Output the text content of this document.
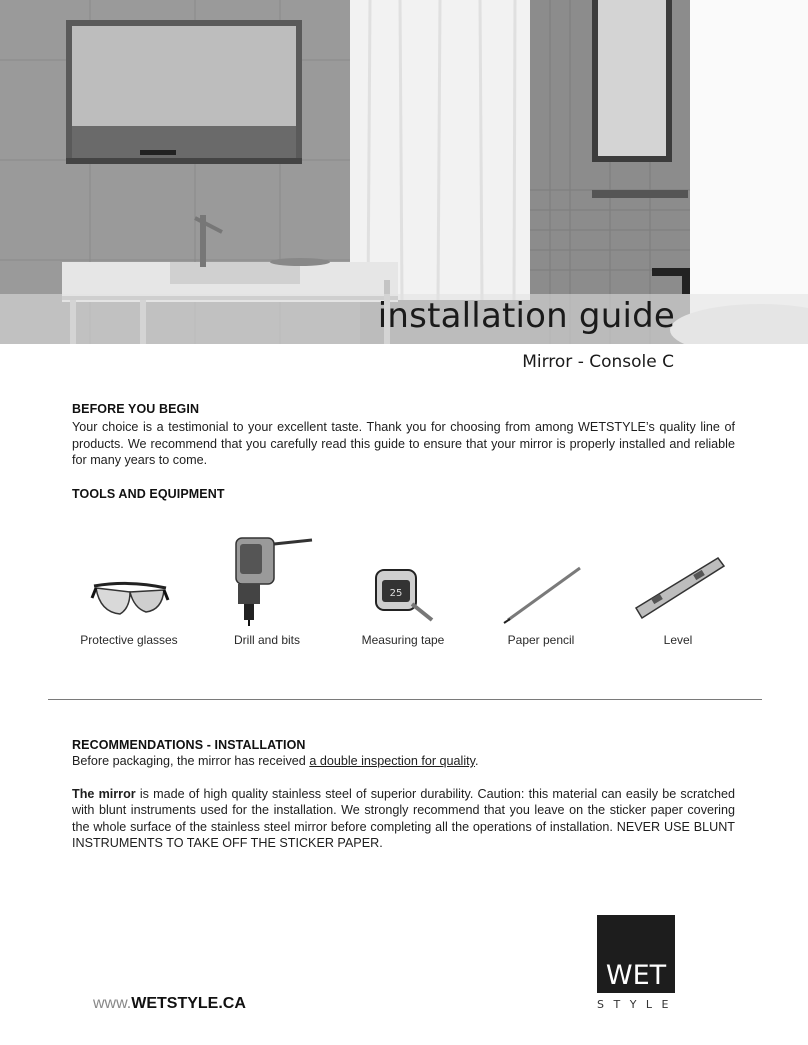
installation guide
Mirror - Console C
BEFORE YOU BEGIN
Your choice is a testimonial to your excellent taste. Thank you for choosing from among WETSTYLE’s quality line of products. We recommend that you carefully read this guide to ensure that your mirror is properly installed and reliable for many years to come.
TOOLS AND EQUIPMENT
Protective glasses	Drill and bits
25
Measuring tape	Paper pencil	Level
RECOMMENDATIONS - INSTALLATION
Before packaging, the mirror has received a double inspection for quality.
The mirror is made of high quality stainless steel of superior durability. Caution: this material can easily be scratched with blunt instruments used for the installation. We strongly recommend that you leave on the sticker paper covering the whole surface of the stainless steel mirror before completing all the operations of installation. NEVER USE BLUNT INSTRUMENTS TO TAKE OFF THE STICKER PAPER.
www.WETSTYLE.CA
WET
STYLE
